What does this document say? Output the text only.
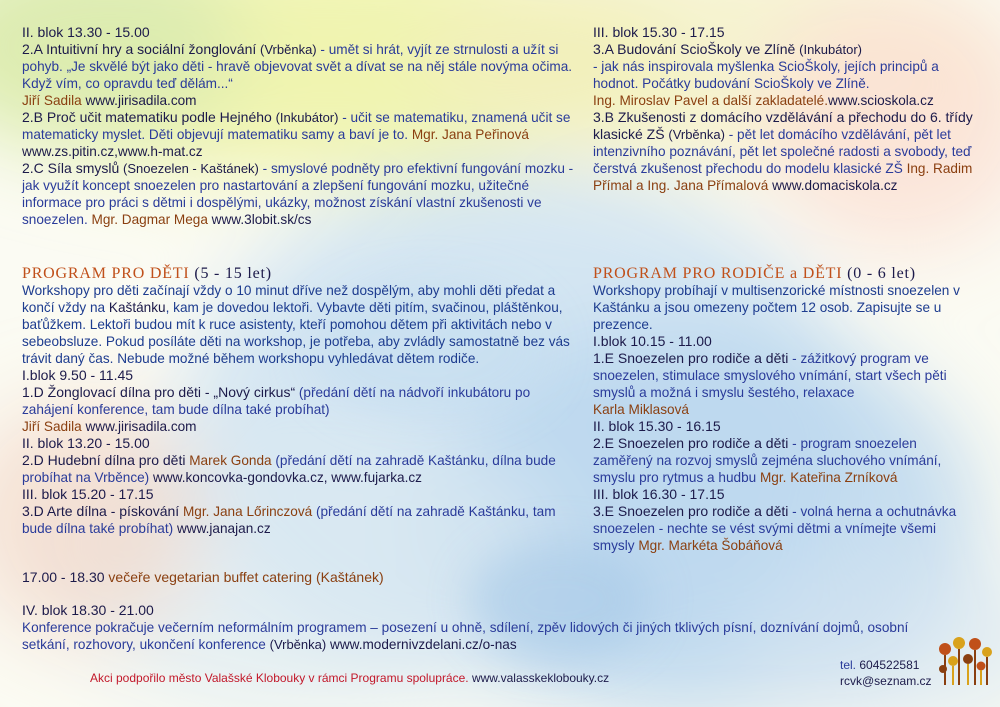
II. blok 13.30 - 15.00

2.A Intuitivní hry a sociální žonglování (Vrběnka) - umět si hrát, vyjít ze strnulosti a užít si pohyb. „Je skvělé být jako děti - hravě objevovat svět a dívat se na něj stále novýma očima. Když vím, co opravdu teď dělám...“
Jiří Sadila www.jirisadila.com

2.B Proč učit matematiku podle Hejného (Inkubátor) - učit se matematiku, znamená učit se matematicky myslet. Děti objevují matematiku samy a baví je to. Mgr. Jana Peřinová www.zs.pitin.cz,www.h-mat.cz

2.C Síla smyslů (Snoezelen - Kaštánek) - smyslové podněty pro efektivní fungování mozku - jak využít koncept snoezelen pro nastartování a zlepšení fungování mozku, užitečné informace pro práci s dětmi i dospělými, ukázky, možnost získání vlastní zkušenosti ve snoezelen. Mgr. Dagmar Mega www.3lobit.sk/cs

III. blok 15.30 - 17.15

3.A Budování ScioŠkoly ve Zlíně (Inkubátor)
- jak nás inspirovala myšlenka ScioŠkoly, jejích principů a hodnot. Počátky budování ScioŠkoly ve Zlíně.
Ing. Miroslav Pavel a další zakladatelé.www.scioskola.cz

3.B Zkušenosti z domácího vzdělávání a přechodu do 6. třídy klasické ZŠ (Vrběnka) - pět let domácího vzdělávání, pět let intenzivního poznávání, pět let společné radosti a svobody, teď čerstvá zkušenost přechodu do modelu klasické ZŠ Ing. Radim Přímal a Ing. Jana Přímalová www.domaciskola.cz

PROGRAM PRO DĚTI (5 - 15 let)

Workshopy pro děti začínají vždy o 10 minut dříve než dospělým, aby mohli děti předat a končí vždy na Kaštánku, kam je dovedou lektoři. Vybavte děti pitím, svačinou, pláštěnkou, baťůžkem. Lektoři budou mít k ruce asistenty, kteří pomohou dětem při aktivitách nebo v sebeobsluze. Pokud posíláte děti na workshop, je potřeba, aby zvládly samostatně bez vás trávit daný čas. Nebude možné během workshopu vyhledávat dětem rodiče.

I.blok 9.50 - 11.45

1.D Žonglovací dílna pro děti - „Nový cirkus“ (předání dětí na nádvoří inkubátoru po zahájení konference, tam bude dílna také probíhat)
Jiří Sadila www.jirisadila.com

II. blok 13.20 - 15.00

2.D Hudební dílna pro děti Marek Gonda (předání dětí na zahradě Kaštánku, dílna bude probíhat na Vrběnce) www.koncovka-gondovka.cz, www.fujarka.cz

III. blok 15.20 - 17.15

3.D Arte dílna - pískování Mgr. Jana Lőrinczová (předání dětí na zahradě Kaštánku, tam bude dílna také probíhat) www.janajan.cz

PROGRAM PRO RODIČE a DĚTI (0 - 6 let)

Workshopy probíhají v multisenzorické místnosti snoezelen v Kaštánku a jsou omezeny počtem 12 osob. Zapisujte se u prezence.

I.blok 10.15 - 11.00

1.E Snoezelen pro rodiče a děti - zážitkový program ve snoezelen, stimulace smyslového vnímání, start všech pěti smyslů a možná i smyslu šestého, relaxace
Karla Miklasová

II. blok 15.30 - 16.15

2.E Snoezelen pro rodiče a děti - program snoezelen zaměřený na rozvoj smyslů zejména sluchového vnímání, smyslu pro rytmus a hudbu Mgr. Kateřina Zrníková

III. blok 16.30 - 17.15

3.E Snoezelen pro rodiče a děti - volná herna a ochutnávka snoezelen - nechte se vést svými dětmi a vnímejte všemi smysly Mgr. Markéta Šobáňová

17.00 - 18.30 večeře vegetarian buffet catering (Kaštánek)

IV. blok 18.30 - 21.00

Konference pokračuje večerním neformálním programem – posezení u ohně, sdílení, zpěv lidových či jiných tklivých písní, doznívání dojmů, osobní setkání, rozhovory, ukončení konference (Vrběnka) www.modernivzdelani.cz/o-nas

Akci podpořilo město Valašské Klobouky v rámci Programu spolupráce. www.valasskeklobouky.cz

tel. 604522581
rcvk@seznam.cz
